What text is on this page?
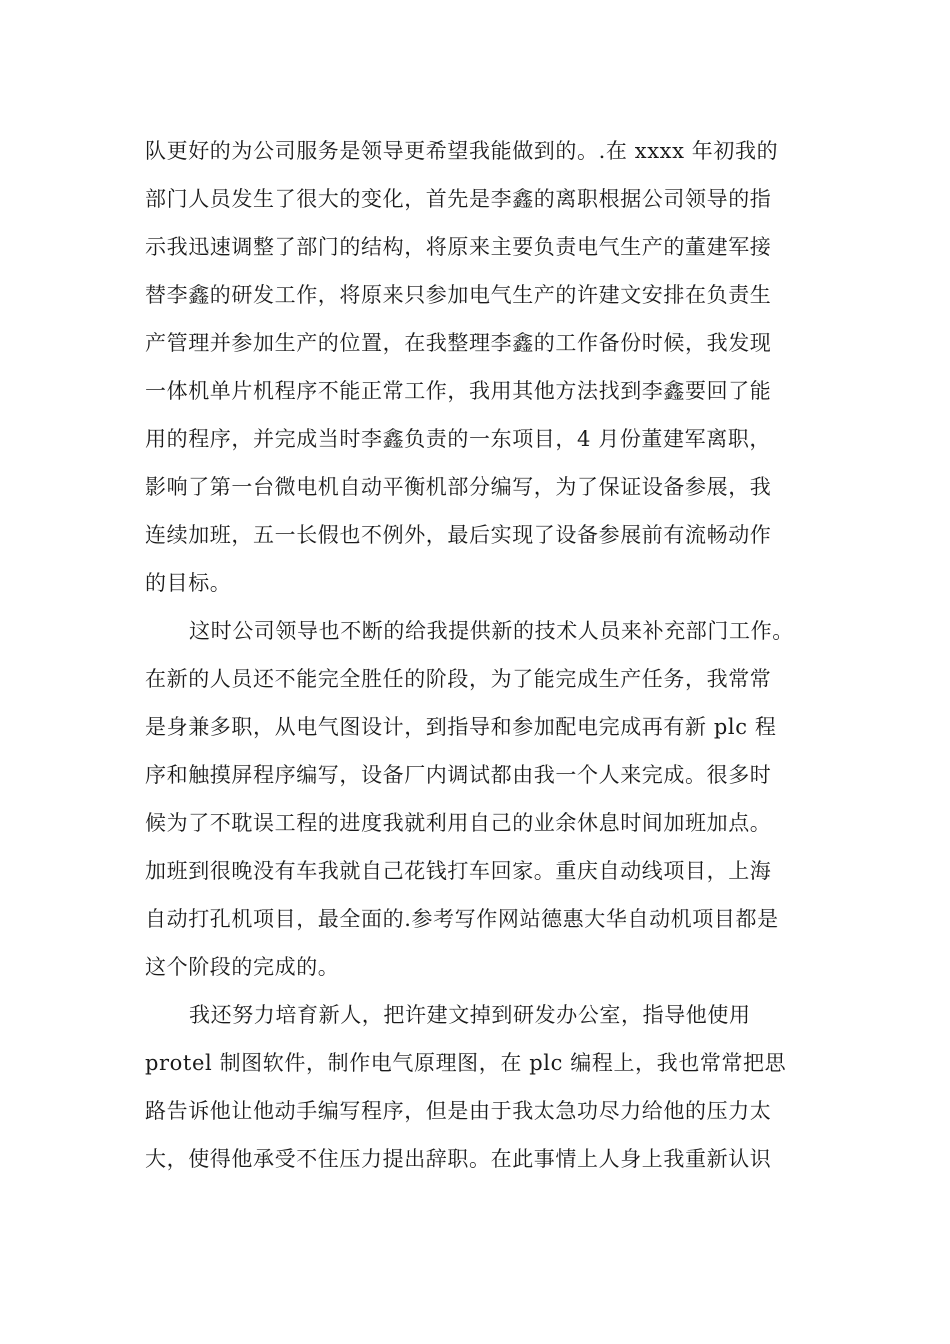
队更好的为公司服务是领导更希望我能做到的。.在 xxxx 年初我的
部门人员发生了很大的变化，首先是李鑫的离职根据公司领导的指
示我迅速调整了部门的结构，将原来主要负责电气生产的董建军接
替李鑫的研发工作，将原来只参加电气生产的许建文安排在负责生
产管理并参加生产的位置，在我整理李鑫的工作备份时候，我发现
一体机单片机程序不能正常工作，我用其他方法找到李鑫要回了能
用的程序，并完成当时李鑫负责的一东项目，4 月份董建军离职，
影响了第一台微电机自动平衡机部分编写，为了保证设备参展，我
连续加班，五一长假也不例外，最后实现了设备参展前有流畅动作
的目标。
这时公司领导也不断的给我提供新的技术人员来补充部门工作。
在新的人员还不能完全胜任的阶段，为了能完成生产任务，我常常
是身兼多职，从电气图设计，到指导和参加配电完成再有新 plc 程
序和触摸屏程序编写，设备厂内调试都由我一个人来完成。很多时
候为了不耽误工程的进度我就利用自己的业余休息时间加班加点。
加班到很晚没有车我就自己花钱打车回家。重庆自动线项目，上海
自动打孔机项目，最全面的.参考写作网站德惠大华自动机项目都是
这个阶段的完成的。
我还努力培育新人，把许建文掉到研发办公室，指导他使用
protel 制图软件，制作电气原理图，在 plc 编程上，我也常常把思
路告诉他让他动手编写程序，但是由于我太急功尽力给他的压力太
大，使得他承受不住压力提出辞职。在此事情上人身上我重新认识
